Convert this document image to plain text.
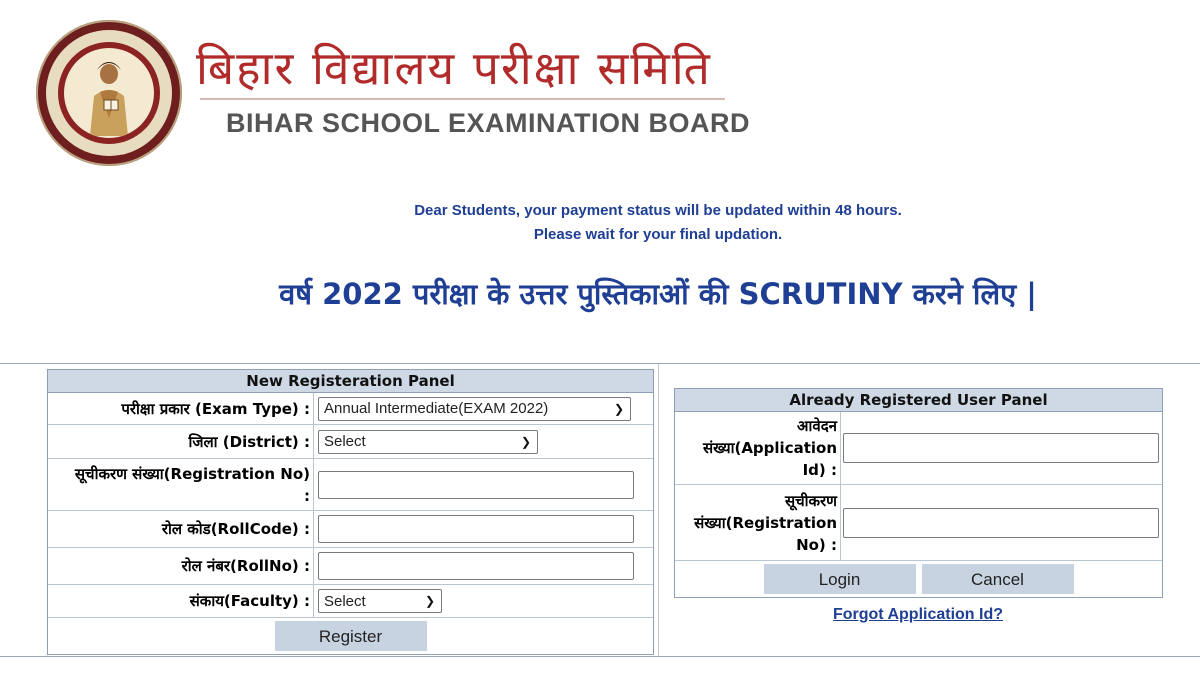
बिहार विद्यालय परीक्षा समिति
BIHAR SCHOOL EXAMINATION BOARD
Dear Students, your payment status will be updated within 48 hours.
Please wait for your final updation.
वर्ष 2022 परीक्षा के उत्तर पुस्तिकाओं की SCRUTINY करने लिए |
New Registeration Panel
परीक्षा प्रकार (Exam Type) : Annual Intermediate(EXAM 2022)	❯
जिला (District) : Select	❯
सूचीकरण संख्या(Registration No) :
रोल कोड(RollCode) :
रोल नंबर(RollNo) :
संकाय(Faculty) : Select	❯
Register
Already Registered User Panel
आवेदन संख्या(Application Id) :
सूचीकरण संख्या(Registration No) :
Login	Cancel
Forgot Application Id?
